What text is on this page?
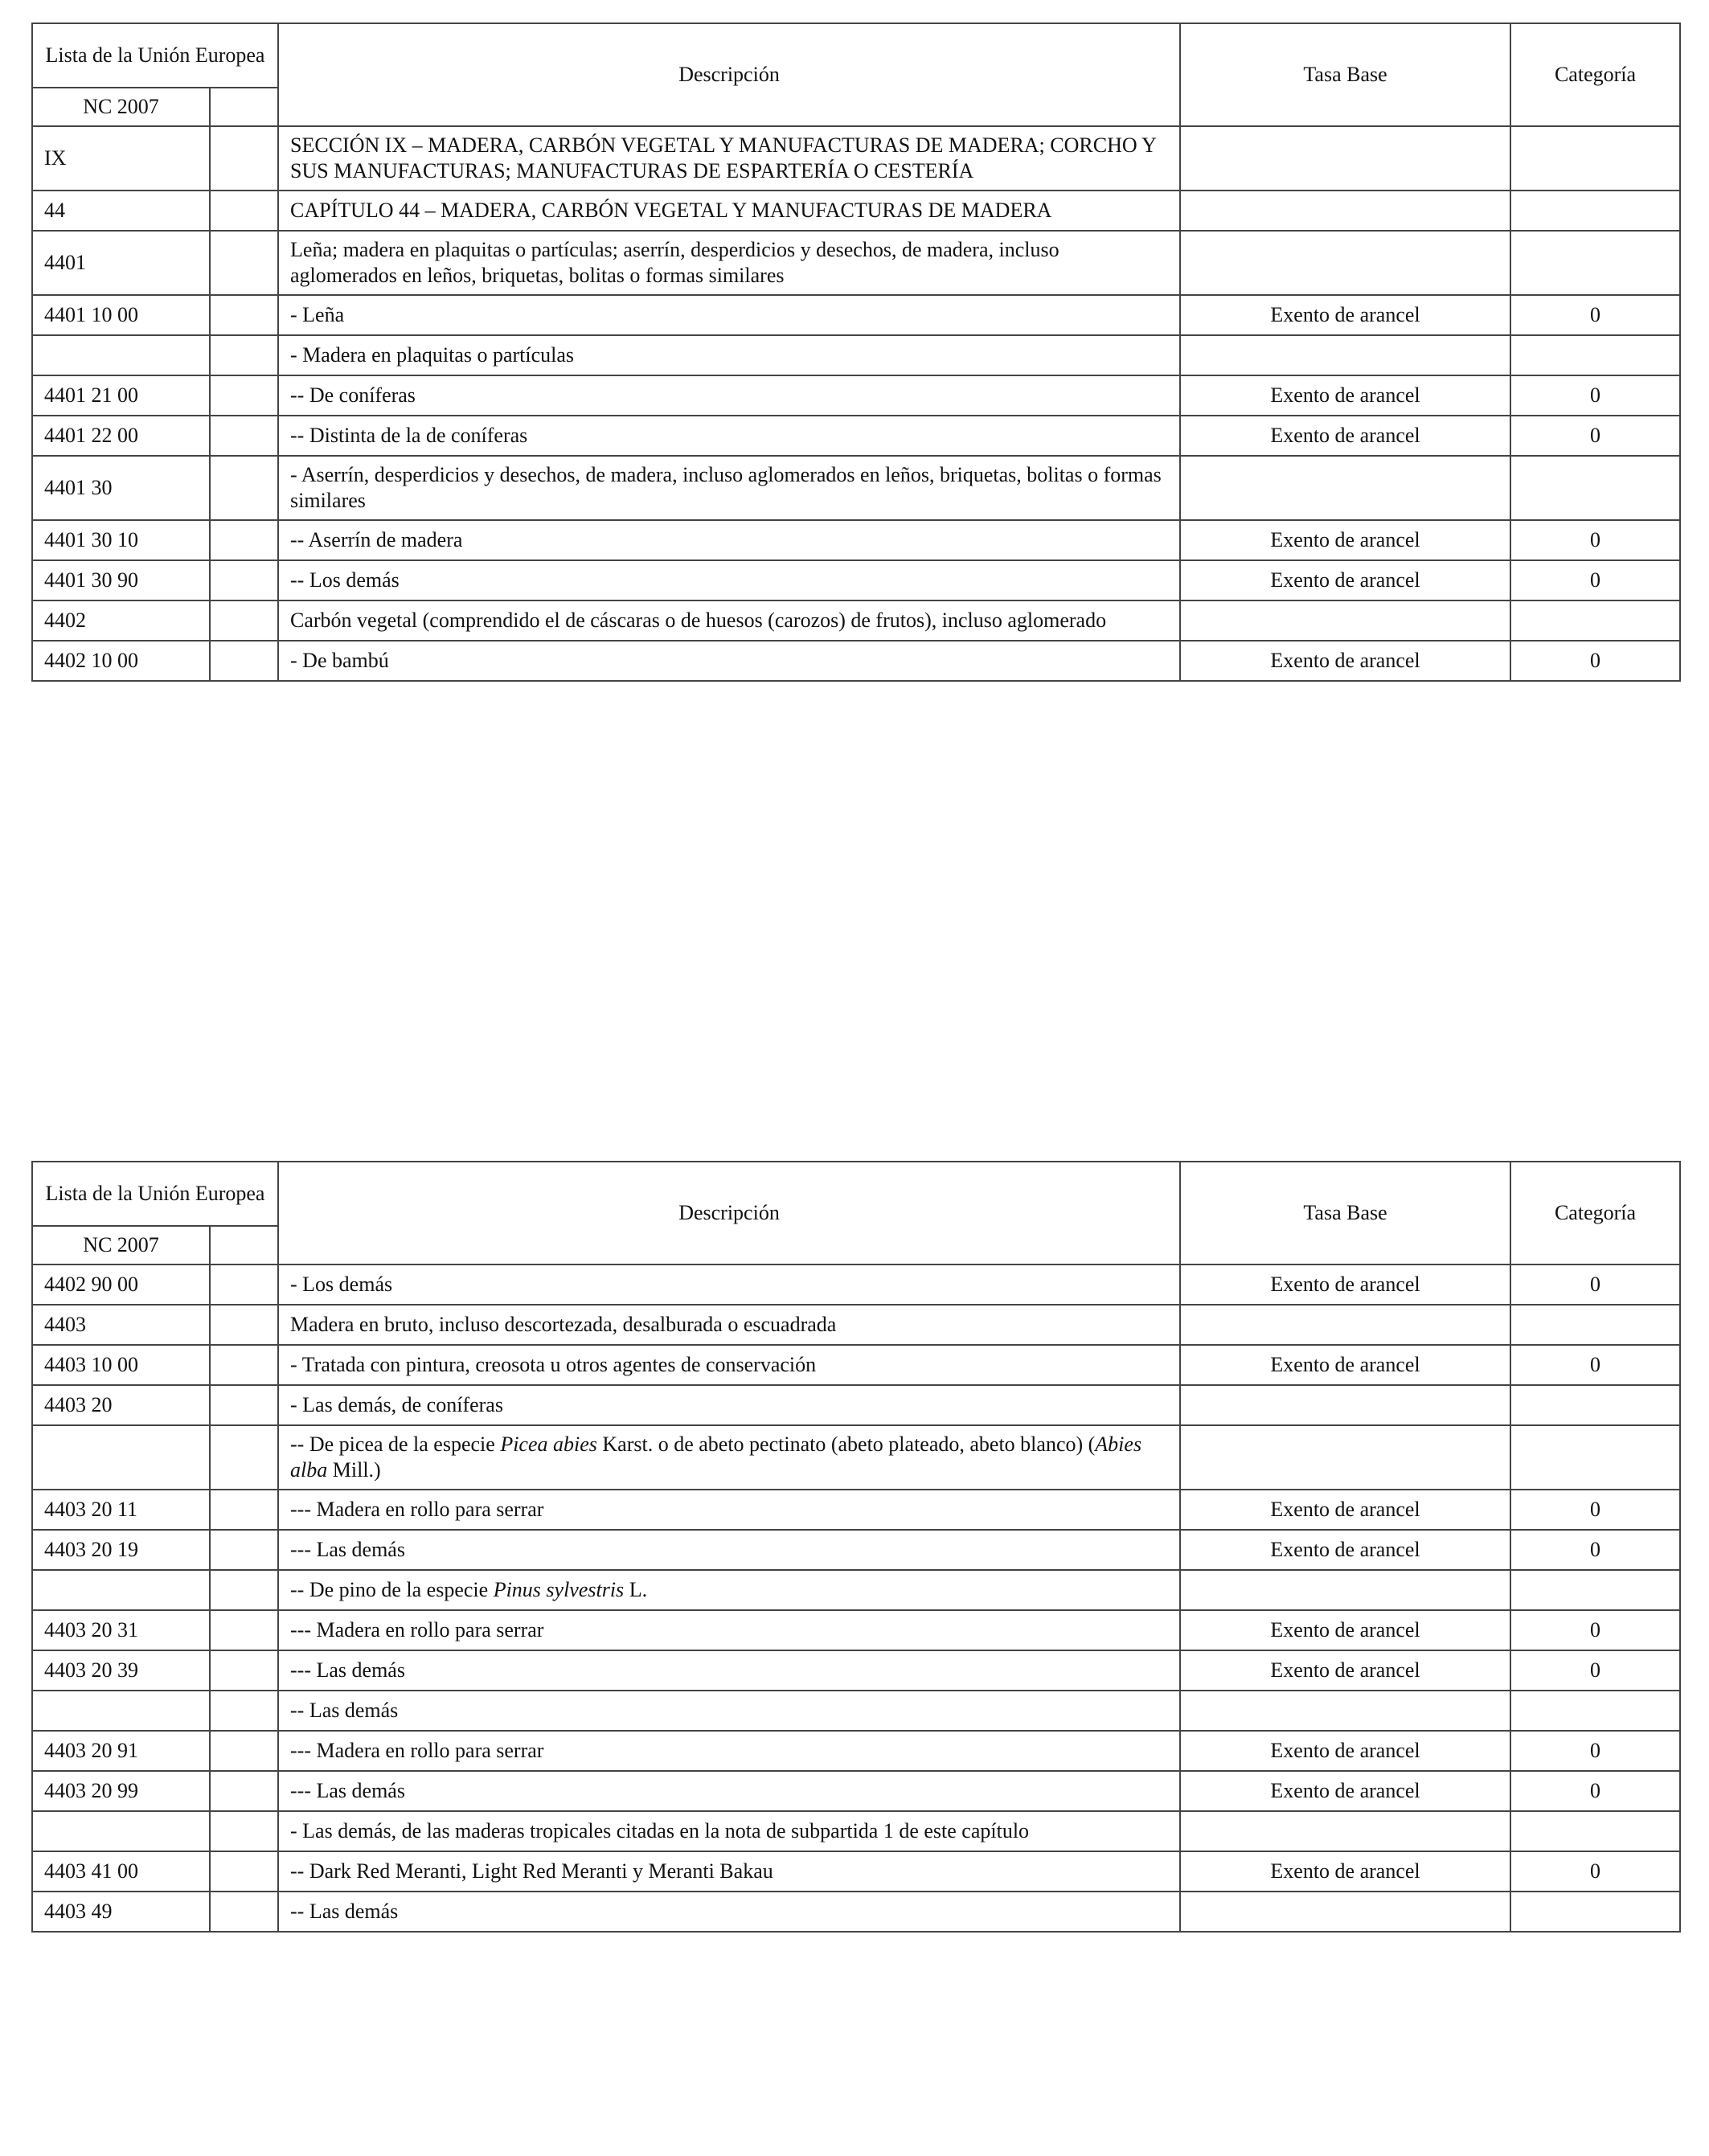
Lista de la Unión Europea		Descripción	Tasa Base	Categoría
NC 2007				
IX		SECCIÓN IX – MADERA, CARBÓN VEGETAL Y MANUFACTURAS DE MADERA; CORCHO Y SUS MANUFACTURAS; MANUFACTURAS DE ESPARTERÍA O CESTERÍA		
44		CAPÍTULO 44 – MADERA, CARBÓN VEGETAL Y MANUFACTURAS DE MADERA		
4401		Leña; madera en plaquitas o partículas; aserrín, desperdicios y desechos, de madera, incluso aglomerados en leños, briquetas, bolitas o formas similares		
4401 10 00		- Leña	Exento de arancel	0
		- Madera en plaquitas o partículas		
4401 21 00		-- De coníferas	Exento de arancel	0
4401 22 00		-- Distinta de la de coníferas	Exento de arancel	0
4401 30		- Aserrín, desperdicios y desechos, de madera, incluso aglomerados en leños, briquetas, bolitas o formas similares		
4401 30 10		-- Aserrín de madera	Exento de arancel	0
4401 30 90		-- Los demás	Exento de arancel	0
4402		Carbón vegetal (comprendido el de cáscaras o de huesos (carozos) de frutos), incluso aglomerado		
4402 10 00		- De bambú	Exento de arancel	0
Lista de la Unión Europea		Descripción	Tasa Base	Categoría
NC 2007				
4402 90 00		- Los demás	Exento de arancel	0
4403		Madera en bruto, incluso descortezada, desalburada o escuadrada		
4403 10 00		- Tratada con pintura, creosota u otros agentes de conservación	Exento de arancel	0
4403 20		- Las demás, de coníferas		
		-- De picea de la especie Picea abies Karst. o de abeto pectinato (abeto plateado, abeto blanco) (Abies alba Mill.)		
4403 20 11		--- Madera en rollo para serrar	Exento de arancel	0
4403 20 19		--- Las demás	Exento de arancel	0
		-- De pino de la especie Pinus sylvestris L.		
4403 20 31		--- Madera en rollo para serrar	Exento de arancel	0
4403 20 39		--- Las demás	Exento de arancel	0
		-- Las demás		
4403 20 91		--- Madera en rollo para serrar	Exento de arancel	0
4403 20 99		--- Las demás	Exento de arancel	0
		- Las demás, de las maderas tropicales citadas en la nota de subpartida 1 de este capítulo		
4403 41 00		-- Dark Red Meranti, Light Red Meranti y Meranti Bakau	Exento de arancel	0
4403 49		-- Las demás		
